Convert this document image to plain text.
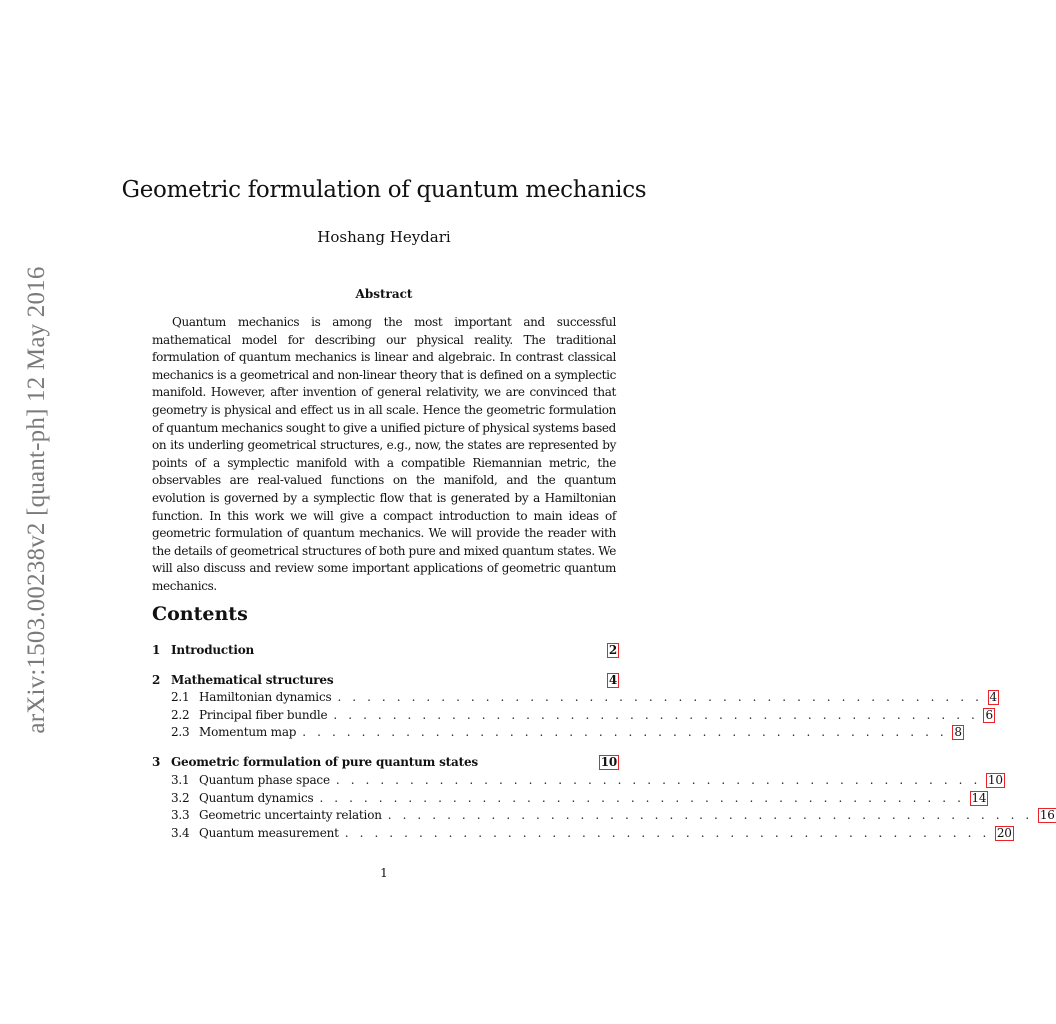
arXiv:1503.00238v2 [quant-ph] 12 May 2016
Geometric formulation of quantum mechanics
Hoshang Heydari
Abstract

Quantum mechanics is among the most important and successful mathematical model for describing our physical reality. The traditional formulation of quantum mechanics is linear and algebraic. In contrast classical mechanics is a geometrical and non-linear theory that is defined on a symplectic manifold. However, after invention of general relativity, we are convinced that geometry is physical and effect us in all scale. Hence the geometric formulation of quantum mechanics sought to give a unified picture of physical systems based on its underling geometrical structures, e.g., now, the states are represented by points of a symplectic manifold with a compatible Riemannian metric, the observables are real-valued functions on the manifold, and the quantum evolution is governed by a symplectic flow that is generated by a Hamiltonian function. In this work we will give a compact introduction to main ideas of geometric formulation of quantum mechanics. We will provide the reader with the details of geometrical structures of both pure and mixed quantum states. We will also discuss and review some important applications of geometric quantum mechanics.

Contents
1 Introduction	2
2 Mathematical structures	4
2.1 Hamiltonian dynamics . . . . . . . . . . . . . . . . . . . . . . . . . . . . . . . . . . . . . . . . . . . . 4
2.2 Principal fiber bundle . . . . . . . . . . . . . . . . . . . . . . . . . . . . . . . . . . . . . . . . . . . . 6
2.3 Momentum map . . . . . . . . . . . . . . . . . . . . . . . . . . . . . . . . . . . . . . . . . . . . 8
3 Geometric formulation of pure quantum states	10
3.1 Quantum phase space . . . . . . . . . . . . . . . . . . . . . . . . . . . . . . . . . . . . . . . . . . . . 10
3.2 Quantum dynamics . . . . . . . . . . . . . . . . . . . . . . . . . . . . . . . . . . . . . . . . . . . . 14
3.3 Geometric uncertainty relation . . . . . . . . . . . . . . . . . . . . . . . . . . . . . . . . . . . . . . . . . . . . 16
3.4 Quantum measurement . . . . . . . . . . . . . . . . . . . . . . . . . . . . . . . . . . . . . . . . . . . . 20
1
